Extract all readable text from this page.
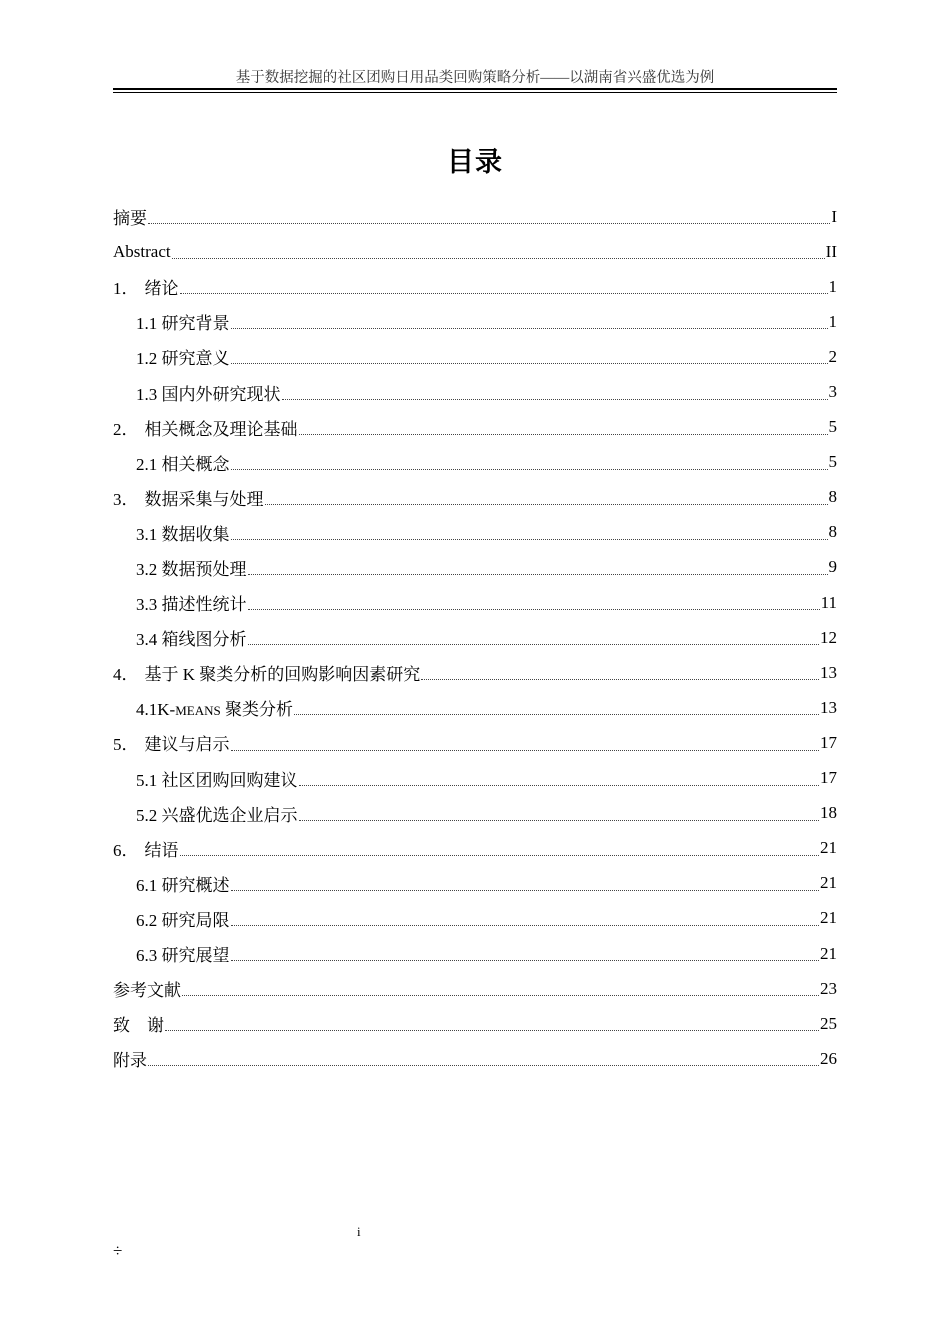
基于数据挖掘的社区团购日用品类回购策略分析——以湖南省兴盛优选为例
目录
摘要	I
Abstract	II
1． 绪论	1
1.1 研究背景	1
1.2 研究意义	2
1.3 国内外研究现状	3
2． 相关概念及理论基础	5
2.1 相关概念	5
3． 数据采集与处理	8
3.1 数据收集	8
3.2 数据预处理	9
3.3 描述性统计	11
3.4 箱线图分析	12
4． 基于 K 聚类分析的回购影响因素研究	13
4.1K-MEANS 聚类分析	13
5． 建议与启示	17
5.1 社区团购回购建议	17
5.2 兴盛优选企业启示	18
6． 结语	21
6.1 研究概述	21
6.2 研究局限	21
6.3 研究展望	21
参考文献	23
致　谢	25
附录	26
i
÷
